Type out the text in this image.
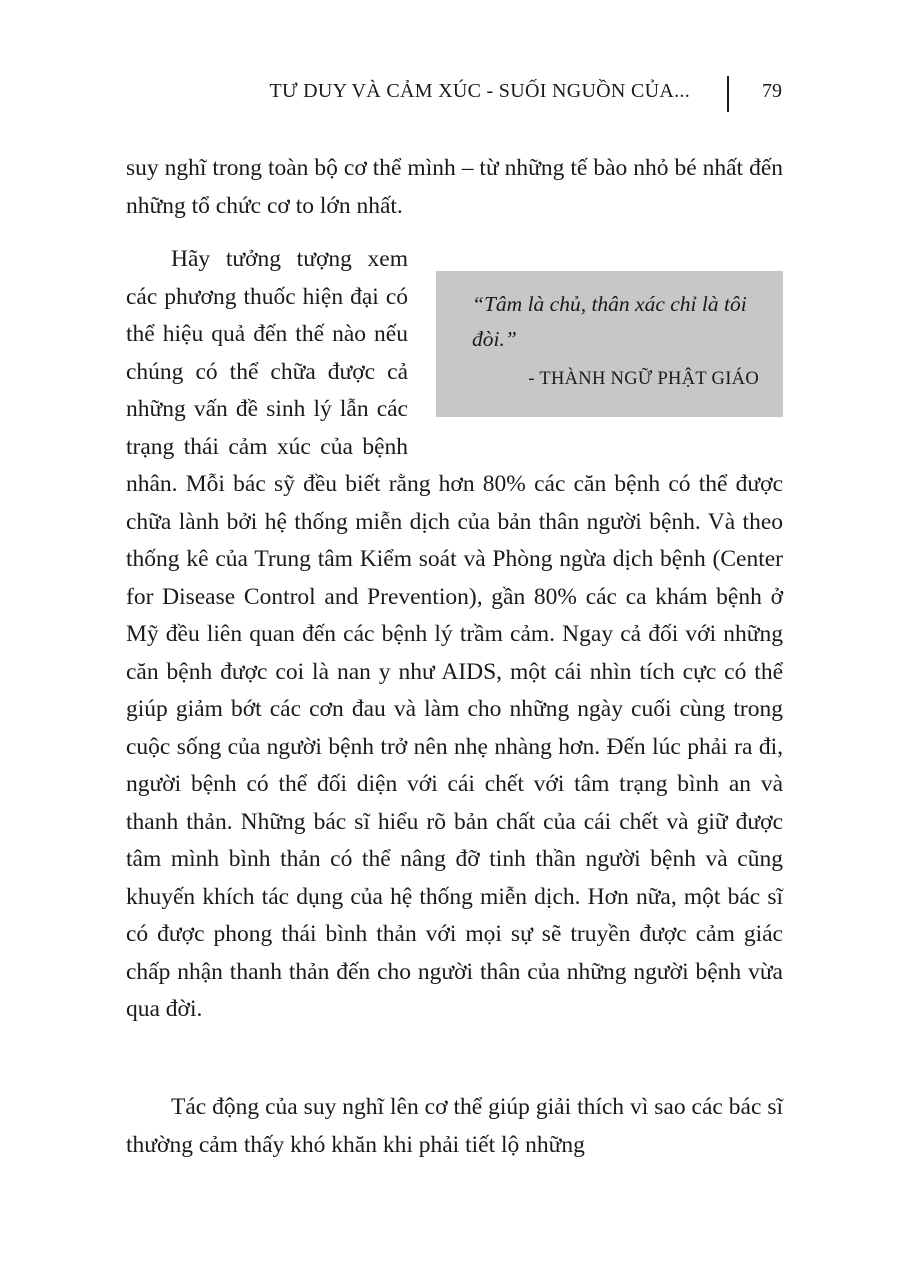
TƯ DUY VÀ CẢM XÚC - SUỐI NGUỒN CỦA...	79

suy nghĩ trong toàn bộ cơ thể mình – từ những tế bào nhỏ bé nhất đến những tổ chức cơ to lớn nhất.

“Tâm là chủ, thân xác chỉ là tôi đòi.”

- THÀNH NGỮ PHẬT GIÁO
Hãy tưởng tượng xem các phương thuốc hiện đại có thể hiệu quả đến thế nào nếu chúng có thể chữa được cả những vấn đề sinh lý lẫn các trạng thái cảm xúc của bệnh nhân. Mỗi bác sỹ đều biết rằng hơn 80% các căn bệnh có thể được chữa lành bởi hệ thống miễn dịch của bản thân người bệnh. Và theo thống kê của Trung tâm Kiểm soát và Phòng ngừa dịch bệnh (Center for Disease Control and Prevention), gần 80% các ca khám bệnh ở Mỹ đều liên quan đến các bệnh lý trầm cảm. Ngay cả đối với những căn bệnh được coi là nan y như AIDS, một cái nhìn tích cực có thể giúp giảm bớt các cơn đau và làm cho những ngày cuối cùng trong cuộc sống của người bệnh trở nên nhẹ nhàng hơn. Đến lúc phải ra đi, người bệnh có thể đối diện với cái chết với tâm trạng bình an và thanh thản. Những bác sĩ hiểu rõ bản chất của cái chết và giữ được tâm mình bình thản có thể nâng đỡ tinh thần người bệnh và cũng khuyến khích tác dụng của hệ thống miễn dịch. Hơn nữa, một bác sĩ có được phong thái bình thản với mọi sự sẽ truyền được cảm giác chấp nhận thanh thản đến cho người thân của những người bệnh vừa qua đời.

Tác động của suy nghĩ lên cơ thể giúp giải thích vì sao các bác sĩ thường cảm thấy khó khăn khi phải tiết lộ những
